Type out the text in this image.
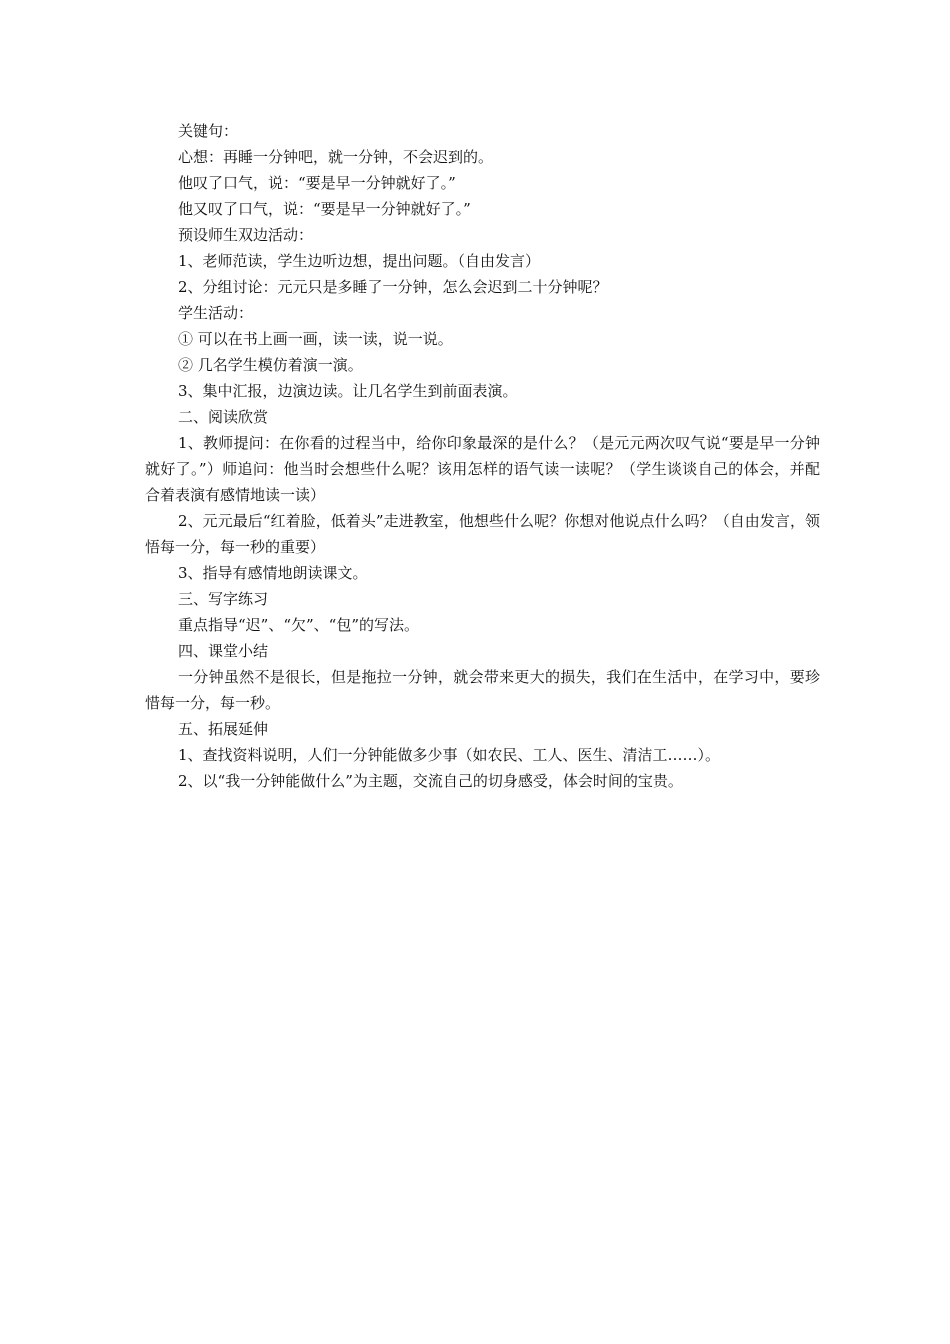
关键句：

心想：再睡一分钟吧，就一分钟，不会迟到的。

他叹了口气，说：“要是早一分钟就好了。”

他又叹了口气，说：“要是早一分钟就好了。”

预设师生双边活动：

1、老师范读，学生边听边想，提出问题。（自由发言）

2、分组讨论：元元只是多睡了一分钟，怎么会迟到二十分钟呢？

学生活动：

① 可以在书上画一画，读一读，说一说。

② 几名学生模仿着演一演。

3、集中汇报，边演边读。让几名学生到前面表演。

二、阅读欣赏

1、教师提问：在你看的过程当中，给你印象最深的是什么？（是元元两次叹气说“要是早一分钟就好了。”）师追问：他当时会想些什么呢？该用怎样的语气读一读呢？（学生谈谈自己的体会，并配合着表演有感情地读一读）

2、元元最后“红着脸，低着头”走进教室，他想些什么呢？你想对他说点什么吗？（自由发言，领悟每一分，每一秒的重要）

3、指导有感情地朗读课文。

三、写字练习

重点指导“迟”、“欠”、“包”的写法。

四、课堂小结

一分钟虽然不是很长，但是拖拉一分钟，就会带来更大的损失，我们在生活中，在学习中，要珍惜每一分，每一秒。

五、拓展延伸

1、查找资料说明，人们一分钟能做多少事（如农民、工人、医生、清洁工……）。

2、以“我一分钟能做什么”为主题，交流自己的切身感受，体会时间的宝贵。
